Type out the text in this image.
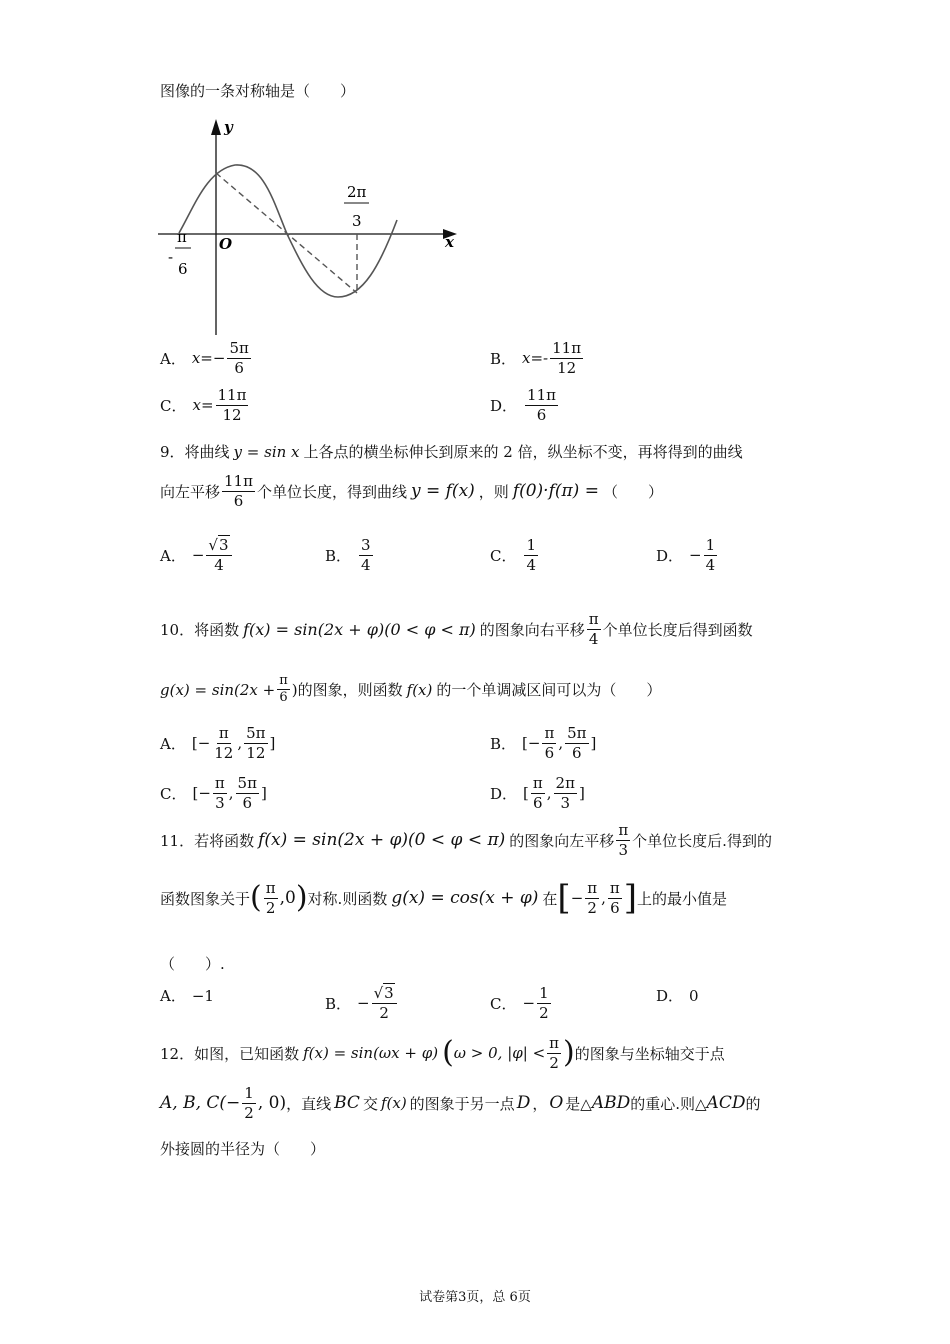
图像的一条对称轴是（　　）
y
x
O
-
π
6
2π
3
A． $x= - \frac{5\pi}{6}$	B． $x=- \frac{11\pi}{12}$
C． $x= \frac{11\pi}{12}$	D． $\frac{11\pi}{6}$
9．将曲线 y = sin x 上各点的横坐标伸长到原来的 2 倍，纵坐标不变，再将得到的曲线
向左平移 $\frac{11\pi}{6}$ 个单位长度，得到曲线 y = f(x) ，则 f(0)·f(π) = （　　）
A． − $\frac{√3}{4}$	B． $\frac{3}{4}$	C． $\frac{1}{4}$	D． − $\frac{1}{4}$
10．将函数 f(x) = sin(2x + φ)(0 < φ < π) 的图象向右平移 $\frac{\pi}{4}$ 个单位长度后得到函数
$g(x) = \sin(2x + \frac{\pi}{6}$ ) 的图象，则函数 f(x) 的一个单调减区间可以为（　　）
A． [− $\frac{\pi}{12}$ , $\frac{5\pi}{12}$ ]	B． [− $\frac{\pi}{6}$ , $\frac{5\pi}{6}$ ]
C． [− $\frac{\pi}{3}$ , $\frac{5\pi}{6}$ ]	D． [ $\frac{\pi}{6}$ , $\frac{2\pi}{3}$ ]
11．若将函数 f(x) = sin(2x + φ)(0 < φ < π) 的图象向左平移 $\frac{\pi}{3}$ 个单位长度后.得到的
函数图象关于 ( $\frac{\pi}{2} ,0$ ) 对称.则函数 g(x) = cos(x + φ) 在 [ − $\frac{\pi}{2}$ , $\frac{\pi}{6}$ ] 上的最小值是
（　　）.
A． −1	B． − $\frac{√3}{2}$	C． − $\frac{1}{2}$	D． 0
12．如图，已知函数 f(x) = sin(ωx + φ) ( ω > 0, $|\varphi| < \frac{\pi}{2}$ ) 的图象与坐标轴交于点
A, B, $C(- \frac{1}{2}$ , 0) ，直线 BC 交 f(x) 的图象于另一点 D ， O 是△ ABD 的重心.则△ ACD 的
外接圆的半径为（　　）
试卷第3页，总 6页
